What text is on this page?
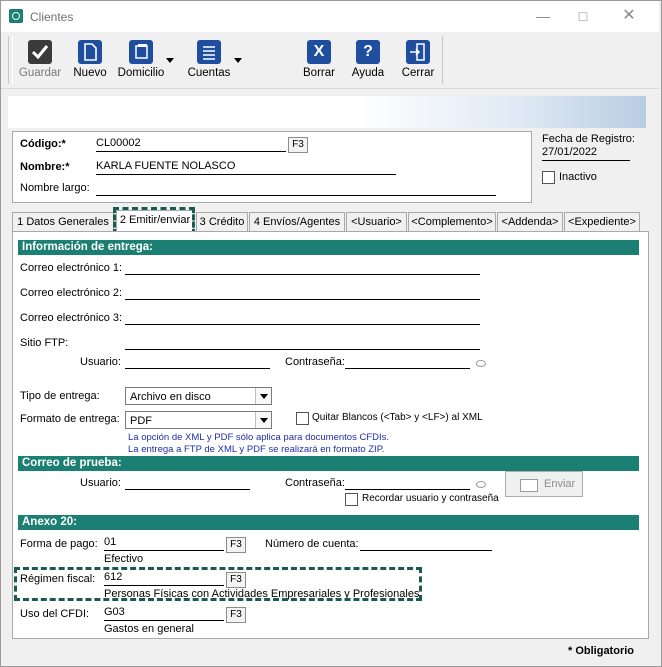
Clientes	—	□	✕
Guardar Nuevo Domicilio	Cuentas
X
Borrar
?
Ayuda	Cerrar
Código:*	CL00002	F3
Nombre:* KARLA FUENTE NOLASCO
Nombre largo:
Fecha de Registro:
27/01/2022
Inactivo
1 Datos Generales 2 Emitir/enviar 3 Crédito 4 Envíos/Agentes	<Usuario> <Complemento> <Addenda> <Expediente>
Información de entrega:
Correo electrónico 1:
Correo electrónico 2:
Correo electrónico 3:
Sitio FTP:
Usuario:	Contraseña:
Tipo de entrega:	Archivo en disco
Formato de entrega: PDF	Quitar Blancos (<Tab> y <LF>) al XML
La opción de XML y PDF sólo aplica para documentos CFDIs.
La entrega a FTP de XML y PDF se realizará en formato ZIP.
Correo de prueba:
Usuario:	Contraseña:
Recordar usuario y contraseña
Enviar
Anexo 20:
Forma de pago: 01	F3
Efectivo
Número de cuenta:
Régimen fiscal: 612	F3
Personas Físicas con Actividades Empresariales y Profesionales
Uso del CFDI: G03	F3
Gastos en general
* Obligatorio
